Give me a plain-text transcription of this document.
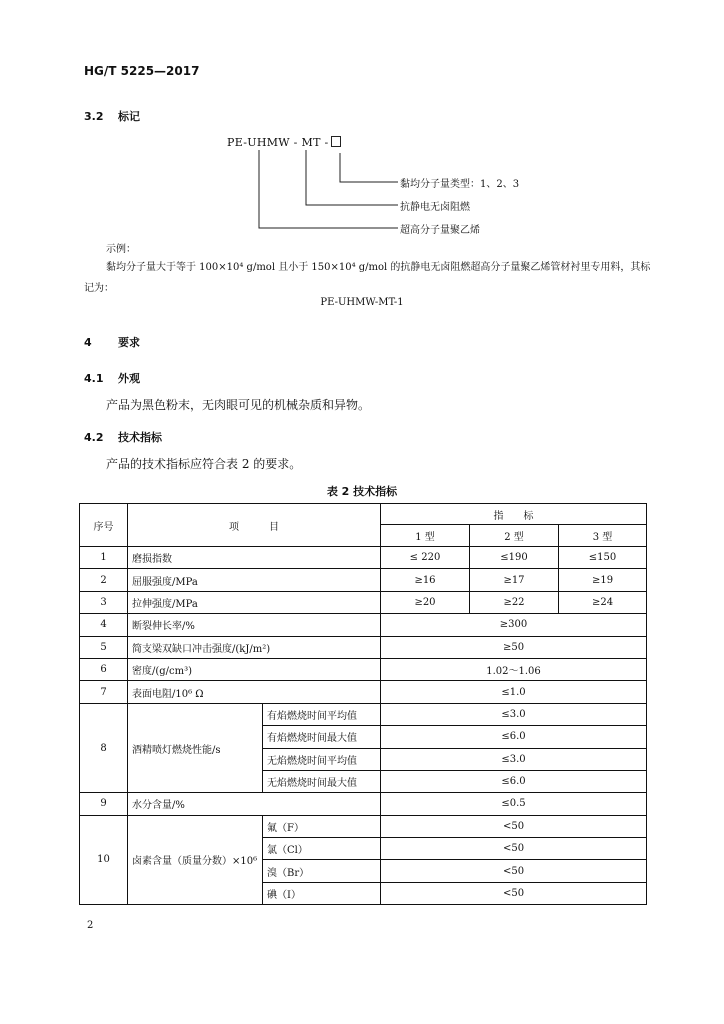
HG/T 5225—2017
3.2 标记
PE-UHMW - MT -
黏均分子量类型：1、2、3
抗静电无卤阻燃
超高分子量聚乙烯
示例：
黏均分子量大于等于 100×10⁴ g/mol 且小于 150×10⁴ g/mol 的抗静电无卤阻燃超高分子量聚乙烯管材衬里专用料，其标记为：
PE-UHMW-MT-1
4 要求
4.1 外观
产品为黑色粉末，无肉眼可见的机械杂质和异物。
4.2 技术指标
产品的技术指标应符合表 2 的要求。
表 2 技术指标
序号	项　　　目		指　　标		
			1 型	2 型	3 型
1	磨损指数		≤ 220	≤190	≤150
2	屈服强度/MPa		≥16	≥17	≥19
3	拉伸强度/MPa		≥20	≥22	≥24
4	断裂伸长率/%		≥300		
5	简支梁双缺口冲击强度/(kJ/m²)		≥50		
6	密度/(g/cm³)		1.02～1.06		
7	表面电阻/10⁶ Ω		≤1.0		
8	酒精喷灯燃烧性能/s	有焰燃烧时间平均值	≤3.0		
		有焰燃烧时间最大值	≤6.0		
		无焰燃烧时间平均值	≤3.0		
		无焰燃烧时间最大值	≤6.0		
9	水分含量/%		≤0.5		
10	卤素含量（质量分数）×10⁶	氟（F）	<50		
		氯（Cl）	<50		
		溴（Br）	<50		
		碘（I）	<50		
2
